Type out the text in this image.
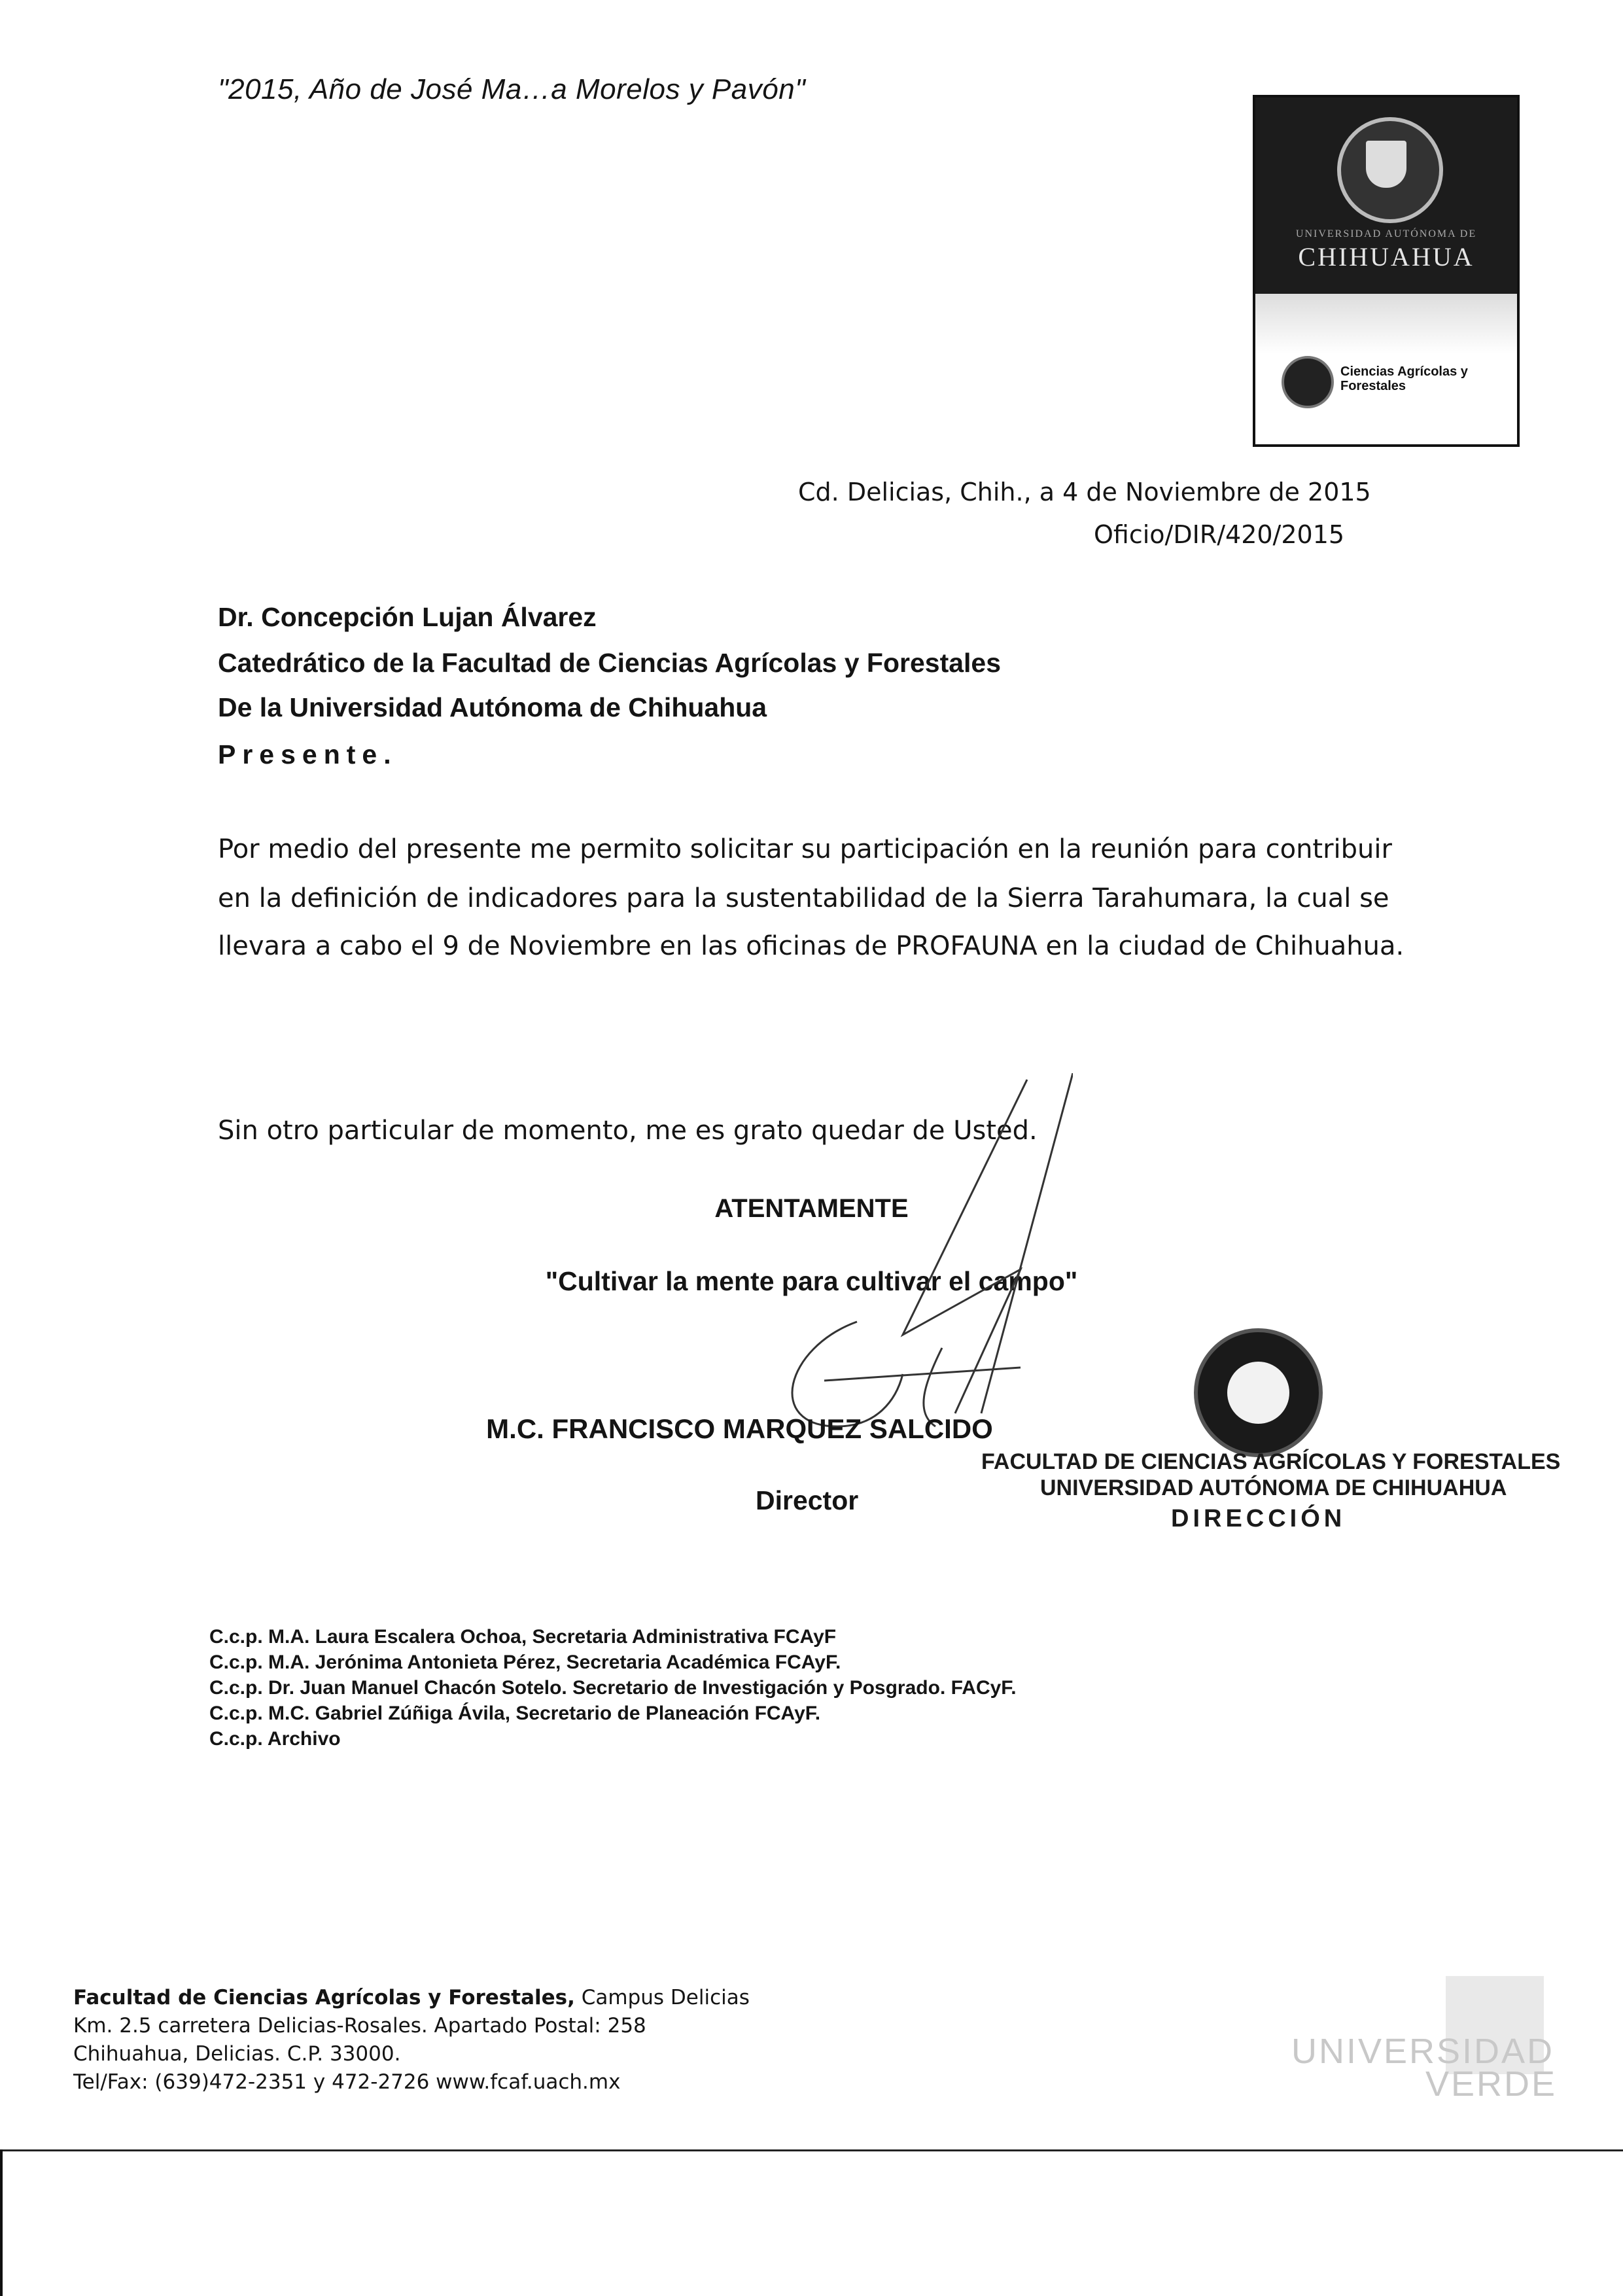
"2015, Año de José Ma…a Morelos y Pavón"
UNIVERSIDAD AUTÓNOMA DE
CHIHUAHUA
Ciencias Agrícolas y Forestales
Cd. Delicias, Chih., a 4 de Noviembre de 2015
Oficio/DIR/420/2015
Dr. Concepción Lujan Álvarez
Catedrático de la Facultad de Ciencias Agrícolas y Forestales
De la Universidad Autónoma de Chihuahua
Presente.
Por medio del presente me permito solicitar su participación en la reunión para contribuir
en la definición de indicadores para la sustentabilidad de la Sierra Tarahumara, la cual se
llevara a cabo el 9 de Noviembre en las oficinas de PROFAUNA en la ciudad de Chihuahua.
Sin otro particular de momento, me es grato quedar de Usted.
ATENTAMENTE
"Cultivar la mente para cultivar el campo"
M.C. FRANCISCO MARQUEZ SALCIDO
Director
FACULTAD DE CIENCIAS AGRÍCOLAS Y FORESTALES
UNIVERSIDAD AUTÓNOMA DE CHIHUAHUA
DIRECCIÓN
C.c.p. M.A. Laura Escalera Ochoa, Secretaria Administrativa FCAyF
C.c.p. M.A. Jerónima Antonieta Pérez, Secretaria Académica FCAyF.
C.c.p. Dr. Juan Manuel Chacón Sotelo. Secretario de Investigación y Posgrado. FACyF.
C.c.p. M.C. Gabriel Zúñiga Ávila, Secretario de Planeación FCAyF.
C.c.p. Archivo
Facultad de Ciencias Agrícolas y Forestales, Campus Delicias
Km. 2.5 carretera Delicias-Rosales. Apartado Postal: 258
Chihuahua, Delicias. C.P. 33000.
Tel/Fax: (639)472-2351 y 472-2726 www.fcaf.uach.mx
UNIVERSIDAD
VERDE
